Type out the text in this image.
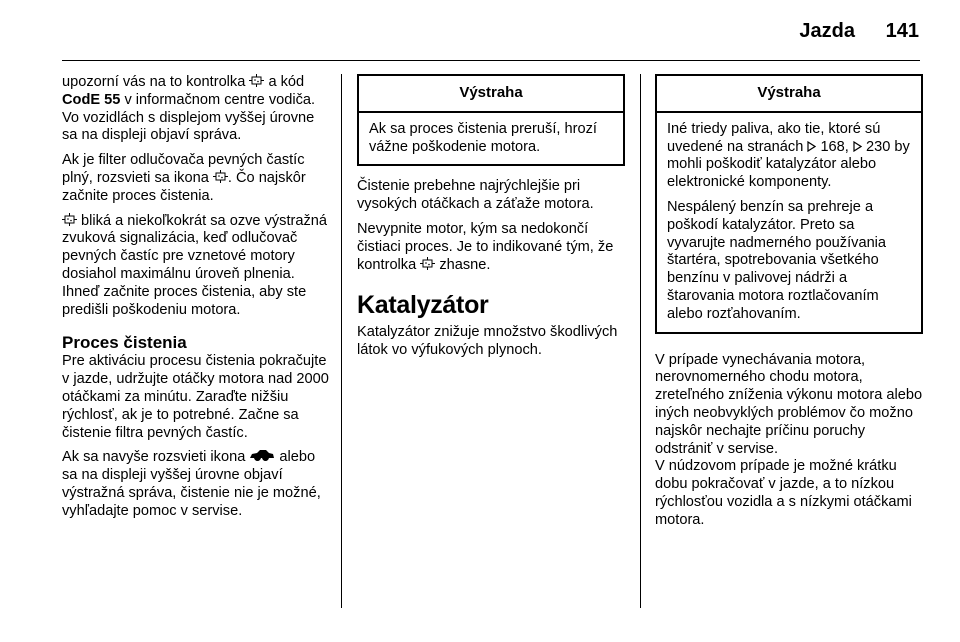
Jazda 141

upozorní vás na to kontrolka
a kód CodE 55 v informačnom centre vodiča. Vo vozidlách s displejom vyššej úrovne sa na displeji objaví správa.

Ak je filter odlučovača pevných častíc plný, rozsvieti sa ikona
. Čo najskôr začnite proces čistenia.

bliká a niekoľkokrát sa ozve výstražná zvuková signalizácia, keď odlučovač pevných častíc pre vznetové motory dosiahol maximálnu úroveň plnenia. Ihneď začnite proces čistenia, aby ste predišli poškodeniu motora.

Proces čistenia

Pre aktiváciu procesu čistenia pokračujte v jazde, udržujte otáčky motora nad 2000 otáčkami za minútu. Zaraďte nižšiu rýchlosť, ak je to potrebné. Začne sa čistenie filtra pevných častíc.

Ak sa navyše rozsvieti ikona  alebo sa na displeji vyššej úrovne objaví výstražná správa, čistenie nie je možné, vyhľadajte pomoc v servise.

Výstraha

Ak sa proces čistenia preruší, hrozí vážne poškodenie motora.

Čistenie prebehne najrýchlejšie pri vysokých otáčkach a záťaže motora.

Nevypnite motor, kým sa nedokončí čistiaci proces. Je to indikované tým, že kontrolka
zhasne.

Katalyzátor

Katalyzátor znižuje množstvo škodlivých látok vo výfukových plynoch.

Výstraha

Iné triedy paliva, ako tie, ktoré sú uvedené na stranách  168,  230 by mohli poškodiť katalyzátor alebo elektronické komponenty.

Nespálený benzín sa prehreje a poškodí katalyzátor. Preto sa vyvarujte nadmerného používania štartéra, spotrebovania všetkého benzínu v palivovej nádrži a štarovania motora roztlačovaním alebo rozťahovaním.

V prípade vynechávania motora, nerovnomerného chodu motora, zreteľného zníženia výkonu motora alebo iných neobvyklých problémov čo možno najskôr nechajte príčinu poruchy odstrániť v servise.

V núdzovom prípade je možné krátku dobu pokračovať v jazde, a to nízkou rýchlosťou vozidla a s nízkymi otáčkami motora.
